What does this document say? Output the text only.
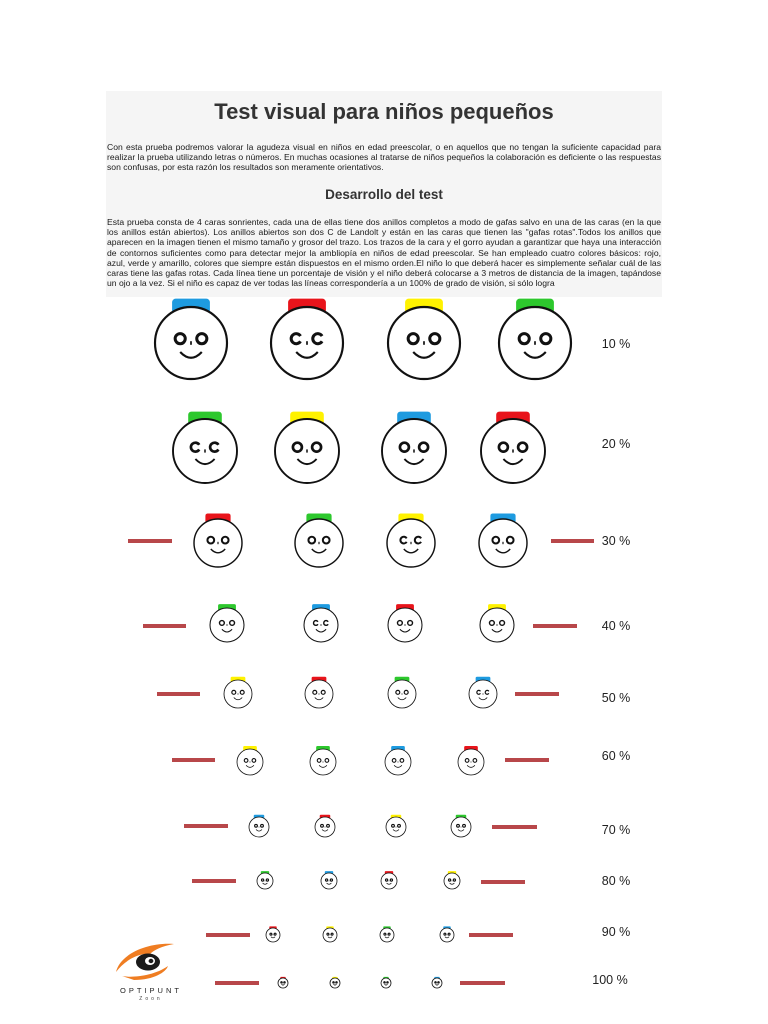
Test visual para niños pequeños

Con esta prueba podremos valorar la agudeza visual en niños en edad preescolar, o en aquellos que no tengan la suficiente capacidad para realizar la prueba utilizando letras o números. En muchas ocasiones al tratarse de niños pequeños la colaboración es deficiente o las respuestas son confusas, por esta razón los resultados son meramente orientativos.

Desarrollo del test

Esta prueba consta de 4 caras sonrientes, cada una de ellas tiene dos anillos completos a modo de gafas salvo en una de las caras (en la que los anillos están abiertos). Los anillos abiertos son dos C de Landolt y están en las caras que tienen las "gafas rotas".Todos los anillos que aparecen en la imagen tienen el mismo tamaño y grosor del trazo. Los trazos de la cara y el gorro ayudan a garantizar que haya una interacción de contornos suficientes como para detectar mejor la ambliopía en niños de edad preescolar. Se han empleado cuatro colores básicos: rojo, azul, verde y amarillo, colores que siempre están dispuestos en el mismo orden.El niño lo que deberá hacer es simplemente señalar cuál de las caras tiene las gafas rotas. Cada línea tiene un porcentaje de visión y el niño deberá colocarse a 3 metros de distancia de la imagen, tapándose un ojo a la vez. Si el niño es capaz de ver todas las líneas correspondería a un 100% de grado de visión, si sólo logra

10 %
20 %
30 %
40 %
50 %
60 %
70 %
80 %
90 %
100 %

OPTIPUNT

Zoon
